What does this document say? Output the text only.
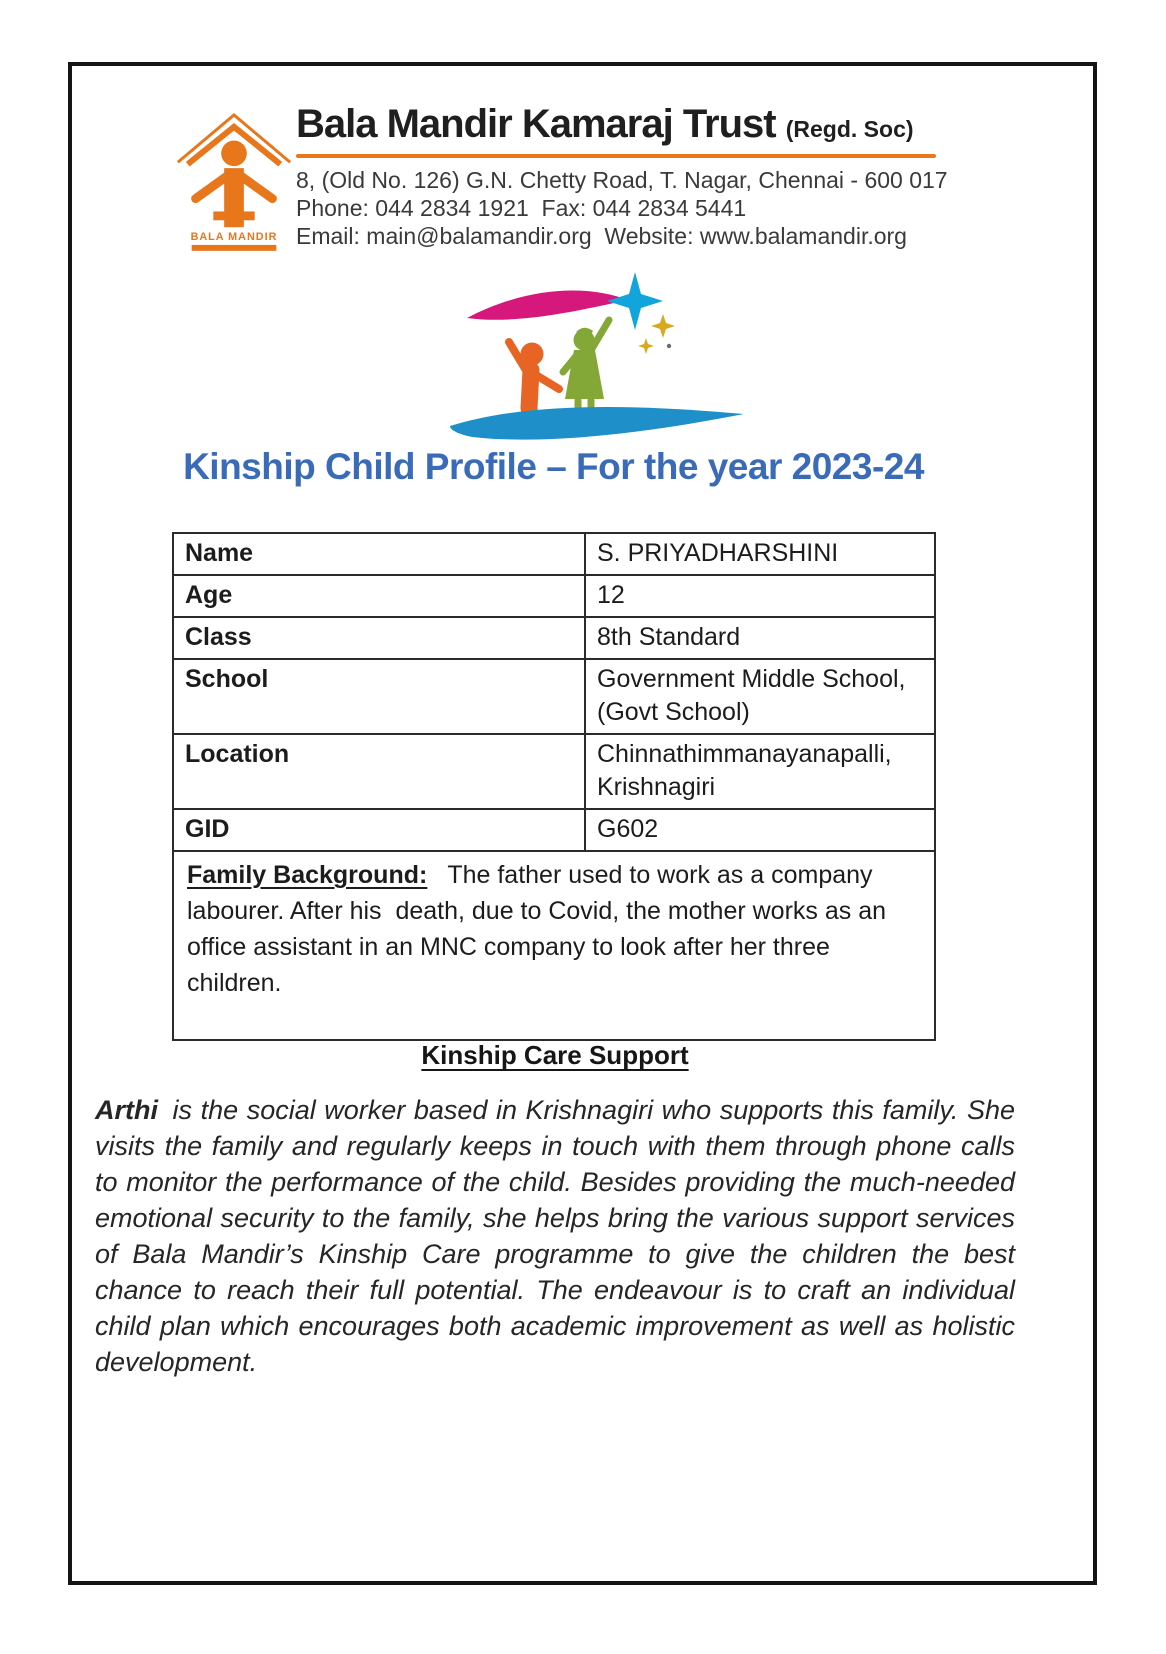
BALA MANDIR
Bala Mandir Kamaraj Trust (Regd. Soc)
8, (Old No. 126) G.N. Chetty Road, T. Nagar, Chennai - 600 017
Phone: 044 2834 1921  Fax: 044 2834 5441
Email: main@balamandir.org  Website: www.balamandir.org
Kinship Child Profile – For the year 2023-24
Name	S. PRIYADHARSHINI
Age	12
Class	8th Standard
School	Government Middle School, (Govt School)
Location	Chinnathimmanayanapalli, Krishnagiri
GID	G602
Family Background: The father used to work as a company labourer. After his  death, due to Covid, the mother works as an office assistant in an MNC company to look after her three children.
Kinship Care Support
Arthi is the social worker based in Krishnagiri who supports this family. She visits the family and regularly keeps in touch with them through phone calls to monitor the performance of the child. Besides providing the much-needed emotional security to the family, she helps bring the various support services of Bala Mandir’s Kinship Care programme to give the children the best chance to reach their full potential. The endeavour is to craft an individual child plan which encourages both academic improvement as well as holistic development.
